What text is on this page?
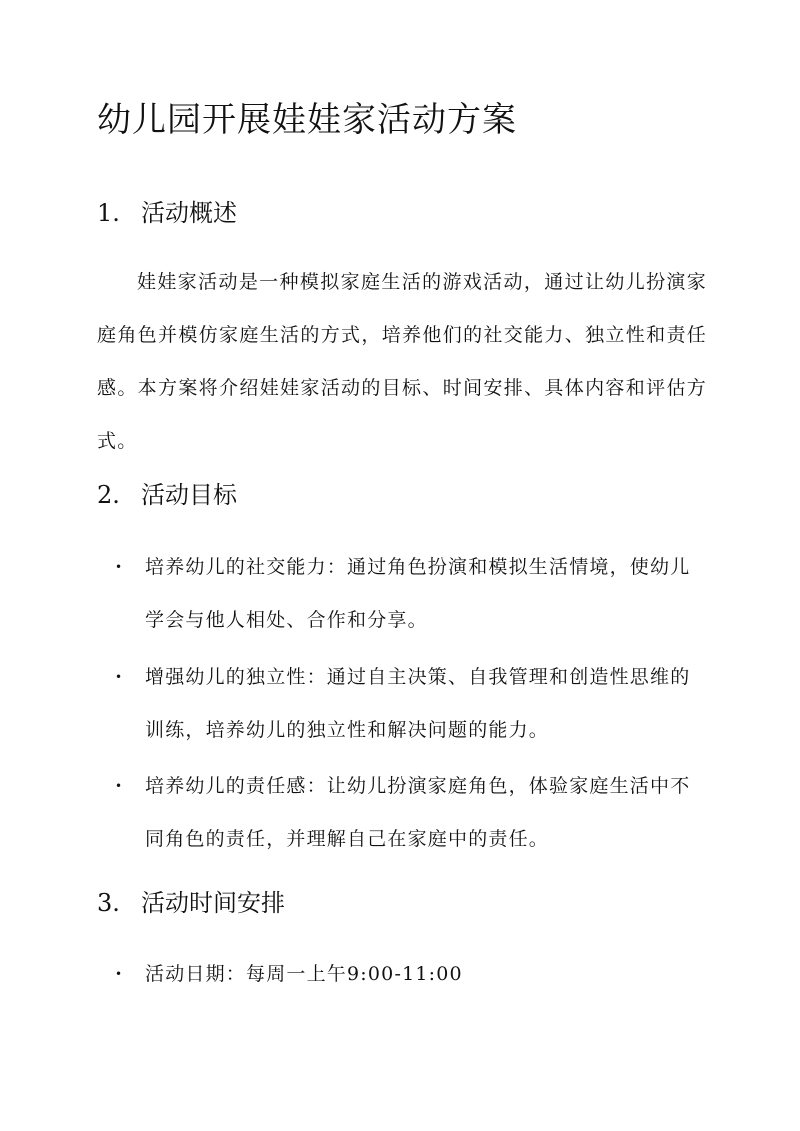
幼儿园开展娃娃家活动方案
1. 活动概述

娃娃家活动是一种模拟家庭生活的游戏活动，通过让幼儿扮演家庭角色并模仿家庭生活的方式，培养他们的社交能力、独立性和责任感。本方案将介绍娃娃家活动的目标、时间安排、具体内容和评估方式。

2. 活动目标
•	培养幼儿的社交能力：通过角色扮演和模拟生活情境，使幼儿学会与他人相处、合作和分享。
•	增强幼儿的独立性：通过自主决策、自我管理和创造性思维的训练，培养幼儿的独立性和解决问题的能力。
•	培养幼儿的责任感：让幼儿扮演家庭角色，体验家庭生活中不同角色的责任，并理解自己在家庭中的责任。
3. 活动时间安排
•	活动日期：每周一上午9:00-11:00
